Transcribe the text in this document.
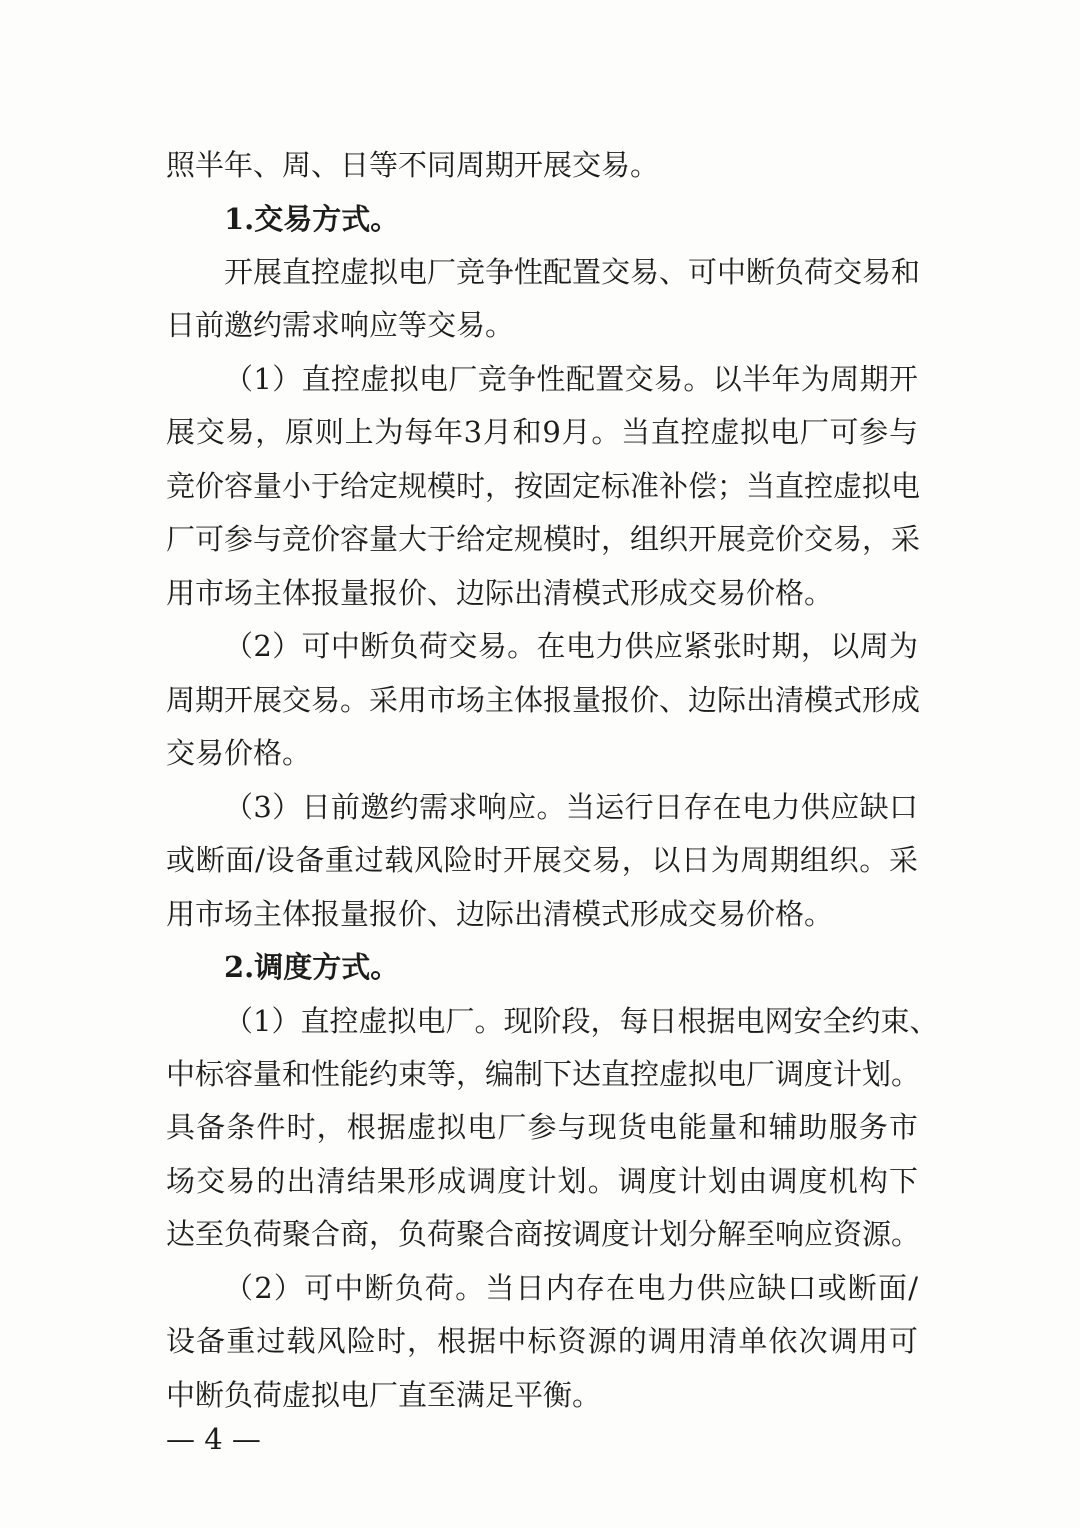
照半年、周、日等不同周期开展交易。
1.交易方式。
开展直控虚拟电厂竞争性配置交易、可中断负荷交易和
日前邀约需求响应等交易。
（1）直控虚拟电厂竞争性配置交易。以半年为周期开
展交易，原则上为每年3月和9月。当直控虚拟电厂可参与
竞价容量小于给定规模时，按固定标准补偿；当直控虚拟电
厂可参与竞价容量大于给定规模时，组织开展竞价交易，采
用市场主体报量报价、边际出清模式形成交易价格。
（2）可中断负荷交易。在电力供应紧张时期，以周为
周期开展交易。采用市场主体报量报价、边际出清模式形成
交易价格。
（3）日前邀约需求响应。当运行日存在电力供应缺口
或断面/设备重过载风险时开展交易，以日为周期组织。采
用市场主体报量报价、边际出清模式形成交易价格。
2.调度方式。
（1）直控虚拟电厂。现阶段，每日根据电网安全约束、
中标容量和性能约束等，编制下达直控虚拟电厂调度计划。
具备条件时，根据虚拟电厂参与现货电能量和辅助服务市
场交易的出清结果形成调度计划。调度计划由调度机构下
达至负荷聚合商，负荷聚合商按调度计划分解至响应资源。
（2）可中断负荷。当日内存在电力供应缺口或断面/
设备重过载风险时，根据中标资源的调用清单依次调用可
中断负荷虚拟电厂直至满足平衡。
— 4 —
